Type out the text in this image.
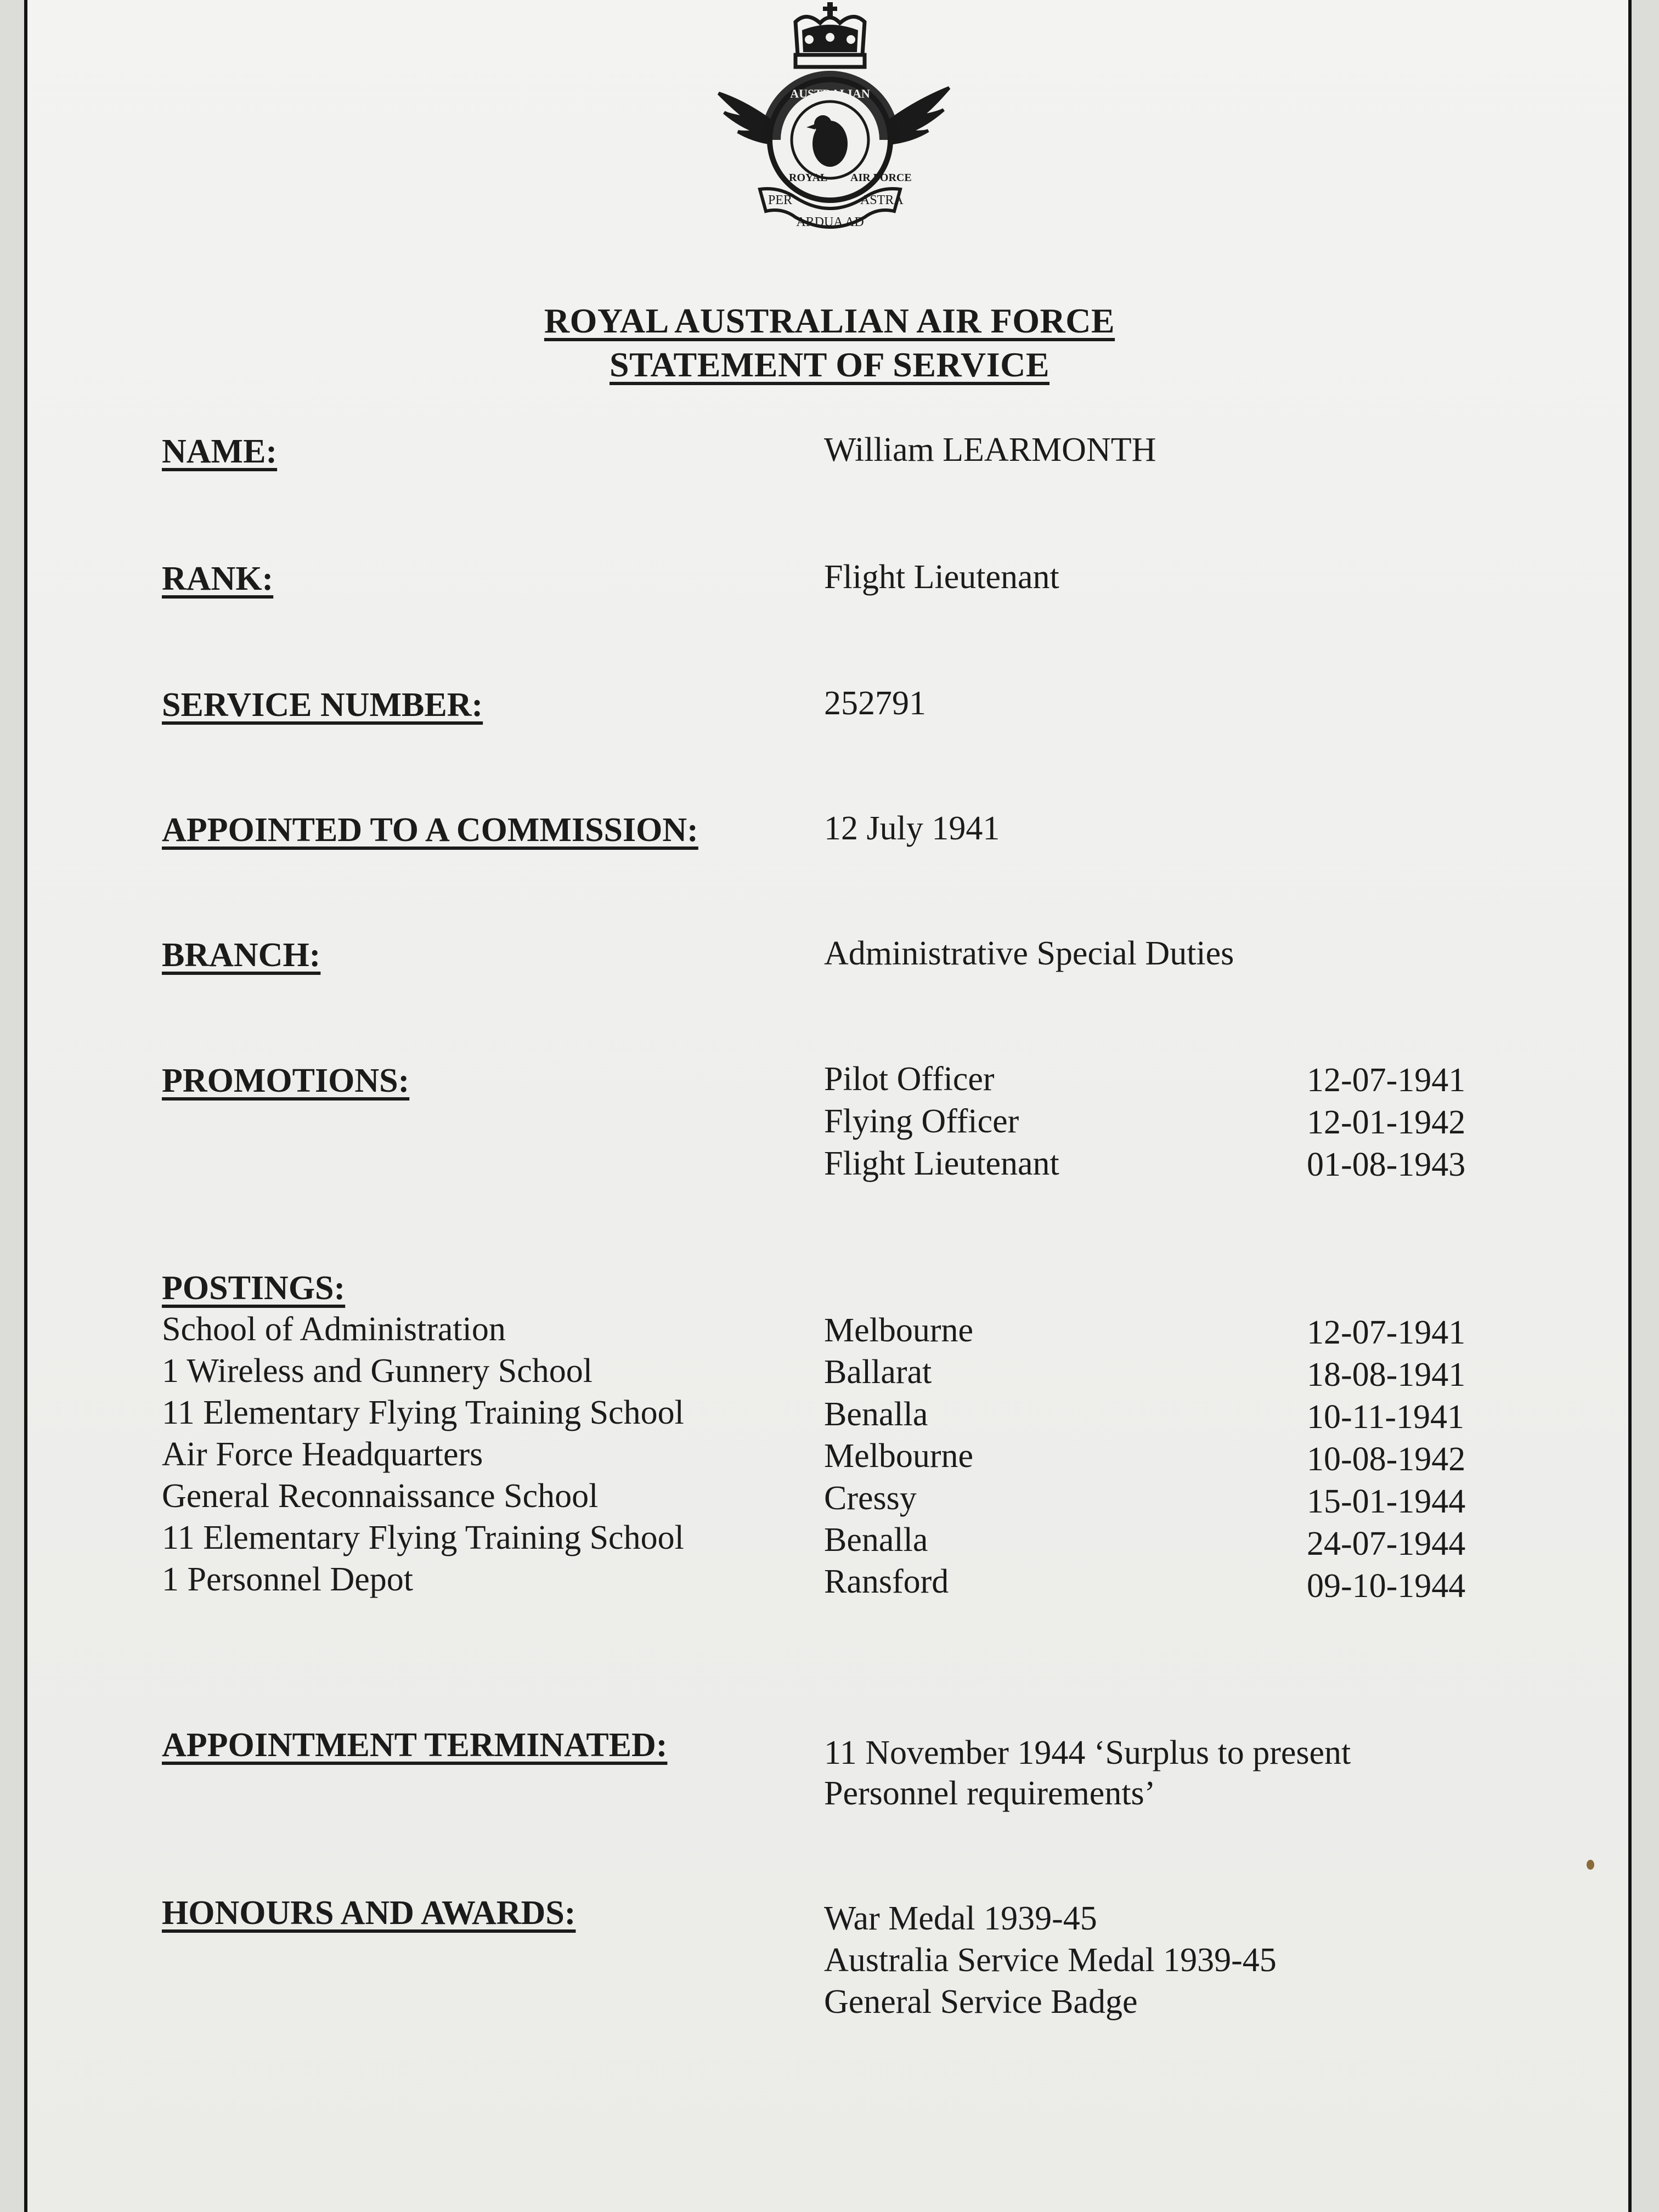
AUSTRALIAN
ROYAL AIR FORCE
PER
ARDUA AD
ASTRA
ROYAL AUSTRALIAN AIR FORCE
STATEMENT OF SERVICE
NAME:	William LEARMONTH
RANK:	Flight Lieutenant
SERVICE NUMBER:	252791
APPOINTED TO A COMMISSION:	12 July 1941
BRANCH:	Administrative Special Duties
PROMOTIONS:	Pilot Officer	12-07-1941
Flying Officer	12-01-1942
Flight Lieutenant	01-08-1943
POSTINGS:
School of Administration	Melbourne	12-07-1941
1 Wireless and Gunnery School	Ballarat	18-08-1941
11 Elementary Flying Training School	Benalla	10-11-1941
Air Force Headquarters	Melbourne	10-08-1942
General Reconnaissance School	Cressy	15-01-1944
11 Elementary Flying Training School	Benalla	24-07-1944
1 Personnel Depot	Ransford	09-10-1944
APPOINTMENT TERMINATED:	11 November 1944 ‘Surplus to present
Personnel requirements’
HONOURS AND AWARDS:	War Medal 1939-45
Australia Service Medal 1939-45
General Service Badge
